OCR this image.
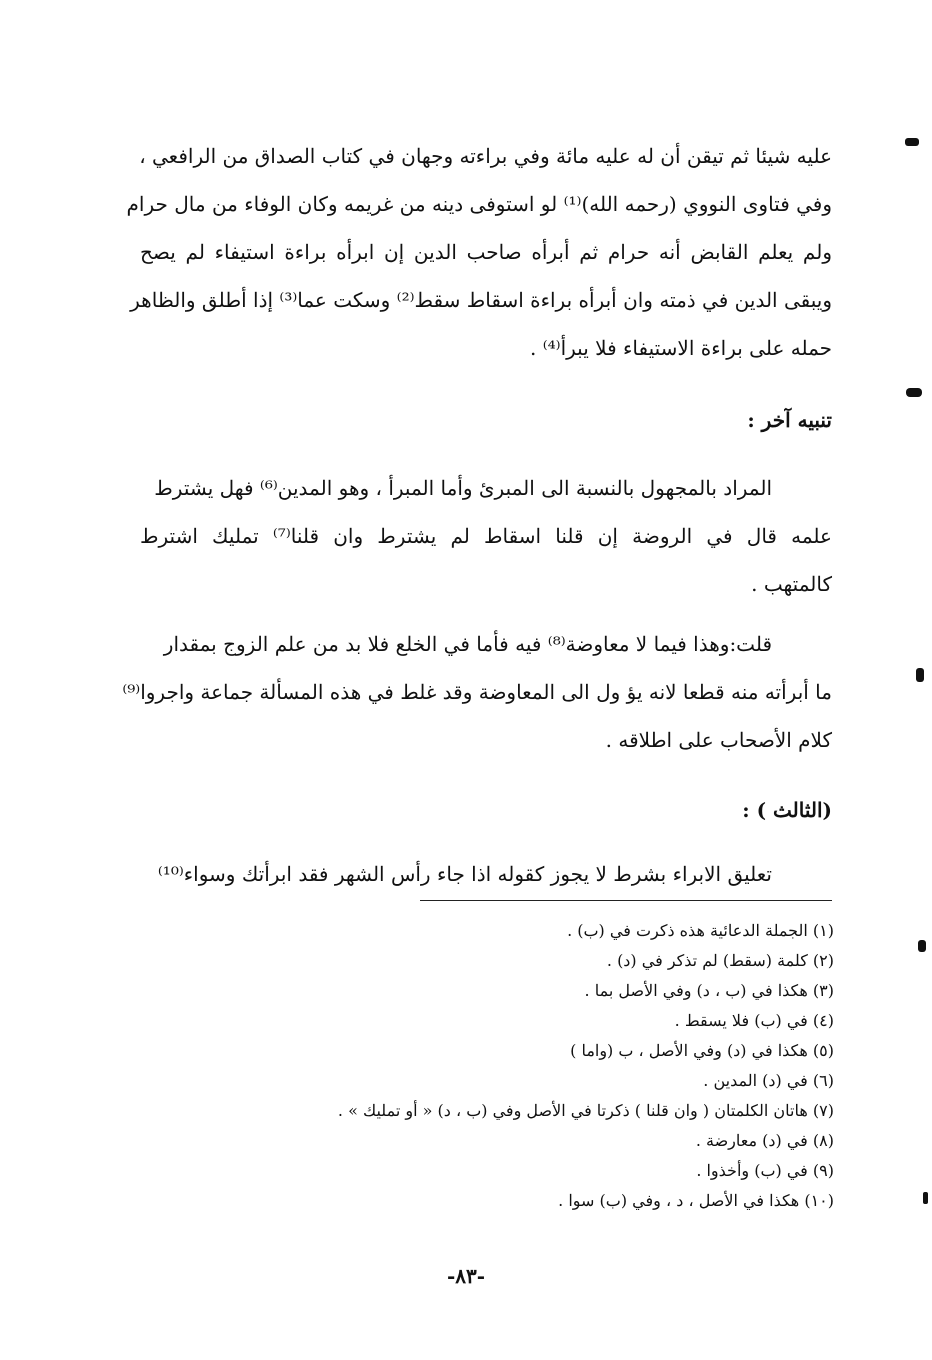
عليه شيئا ثم تيقن أن له عليه مائة وفي براءته وجهان في كتاب الصداق من الرافعي ،
وفي فتاوى النووي (رحمه الله)⁽¹⁾ لو استوفى دينه من غريمه وكان الوفاء من مال حرام
ولم يعلم القابض أنه حرام ثم أبرأه صاحب الدين إن ابرأه براءة استيفاء لم يصح
ويبقى الدين في ذمته وان أبرأه براءة اسقاط سقط⁽²⁾ وسكت عما⁽³⁾ إذا أطلق والظاهر
حمله على براءة الاستيفاء فلا يبرأ⁽⁴⁾ .
تنبيه آخر :
المراد بالمجهول بالنسبة الى المبرئ وأما المبرأ ، وهو المدين⁽⁶⁾ فهل يشترط
علمه قال في الروضة إن قلنا اسقاط لم يشترط وان قلنا⁽⁷⁾ تمليك اشترط
كالمتهب .
قلت:وهذا فيما لا معاوضة⁽⁸⁾ فيه فأما في الخلع فلا بد من علم الزوج بمقدار
ما أبرأته منه قطعا لانه يؤ ول الى المعاوضة وقد غلط في هذه المسألة جماعة واجروا⁽⁹⁾
كلام الأصحاب على اطلاقه .
(الثالث ) :
تعليق الابراء بشرط لا يجوز كقوله اذا جاء رأس الشهر فقد ابرأتك وسواء⁽¹⁰⁾
(١) الجملة الدعائية هذه ذكرت في (ب) .
(٢) كلمة (سقط) لم تذكر في (د) .
(٣) هكذا في (ب ، د) وفي الأصل بما .
(٤) في (ب) فلا يسقط .
(٥) هكذا في (د) وفي الأصل ، ب (واما )
(٦) في (د) المدين .
(٧) هاتان الكلمتان ( وان قلنا ) ذكرتا في الأصل وفي (ب ، د) « أو تمليك » .
(٨) في (د) معارضة .
(٩) في (ب) وأخذوا .
(١٠) هكذا في الأصل ، د ، وفي (ب) سوا .
-٨٣-
